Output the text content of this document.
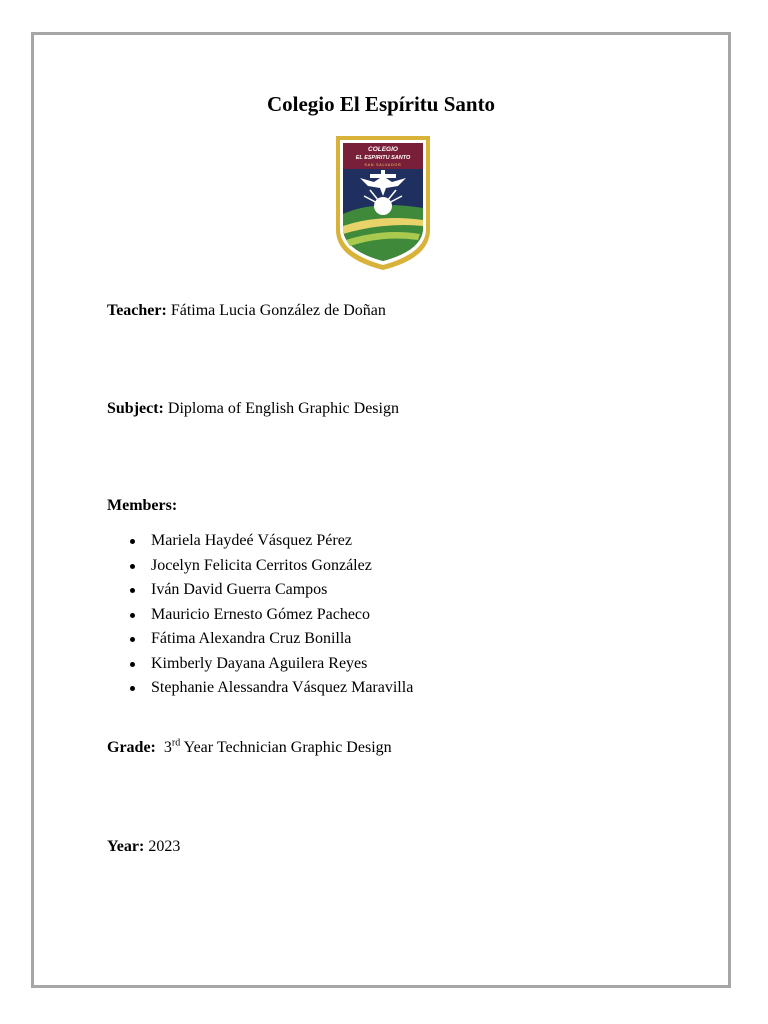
Colegio El Espíritu Santo
COLEGIO
EL ESPIRITU SANTO
SAN SALVADOR
Teacher: Fátima Lucia González de Doñan
Subject: Diploma of English Graphic Design
Members:
Mariela Haydeé Vásquez Pérez
Jocelyn Felicita Cerritos González
Iván David Guerra Campos
Mauricio Ernesto Gómez Pacheco
Fátima Alexandra Cruz Bonilla
Kimberly Dayana Aguilera Reyes
Stephanie Alessandra Vásquez Maravilla
Grade: 3rd Year Technician Graphic Design
Year: 2023
